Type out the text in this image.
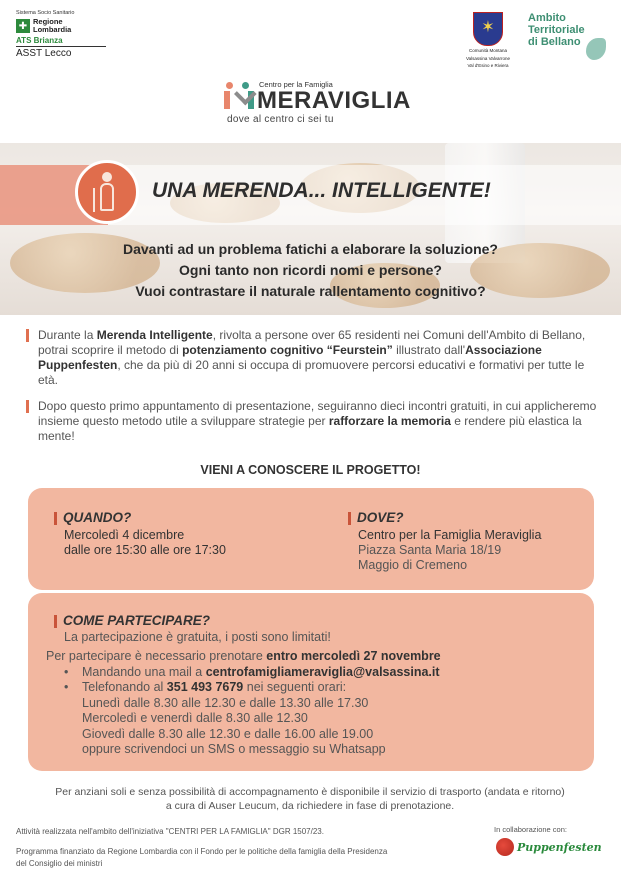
Sistema Socio Sanitario
✚ Regione
Lombardia
ATS Brianza
ASST Lecco
✶	Comunità Montana
Valsassina Valvarrone
Val d'Esino e Riviera
Ambito
Territoriale
di Bellano
Centro per la Famiglia
MERAVIGLIA
dove al centro ci sei tu
UNA MERENDA... INTELLIGENTE!
Davanti ad un problema fatichi a elaborare la soluzione?
Ogni tanto non ricordi nomi e persone?
Vuoi contrastare il naturale rallentamento cognitivo?
Durante la Merenda Intelligente, rivolta a persone over 65 residenti nei Comuni dell'Ambito di Bellano, potrai scoprire il metodo di potenziamento cognitivo “Feurstein” illustrato dall'Associazione Puppenfesten, che da più di 20 anni si occupa di promuovere percorsi educativi e formativi per tutte le età.
Dopo questo primo appuntamento di presentazione, seguiranno dieci incontri gratuiti, in cui applicheremo insieme questo metodo utile a sviluppare strategie per rafforzare la memoria e rendere più elastica la mente!
VIENI A CONOSCERE IL PROGETTO!
QUANDO?
Mercoledì 4 dicembre
dalle ore 15:30 alle ore 17:30
DOVE?
Centro per la Famiglia Meraviglia
Piazza Santa Maria 18/19
Maggio di Cremeno
COME PARTECIPARE?
La partecipazione è gratuita, i posti sono limitati!
Per partecipare è necessario prenotare entro mercoledì 27 novembre
• Mandando una mail a centrofamigliameraviglia@valsassina.it
• Telefonando al 351 493 7679 nei seguenti orari:
Lunedì dalle 8.30 alle 12.30 e dalle 13.30 alle 17.30
Mercoledì e venerdì dalle 8.30 alle 12.30
Giovedì dalle 8.30 alle 12.30 e dalle 16.00 alle 19.00
oppure scrivendoci un SMS o messaggio su Whatsapp
Per anziani soli e senza possibilità di accompagnamento è disponibile il servizio di trasporto (andata e ritorno)
a cura di Auser Leucum, da richiedere in fase di prenotazione.
Attività realizzata nell'ambito dell'iniziativa "CENTRI PER LA FAMIGLIA" DGR 1507/23.
Programma finanziato da Regione Lombardia con il Fondo per le politiche della famiglia della Presidenza
del Consiglio dei ministri
In collaborazione con:
Puppenfesten
